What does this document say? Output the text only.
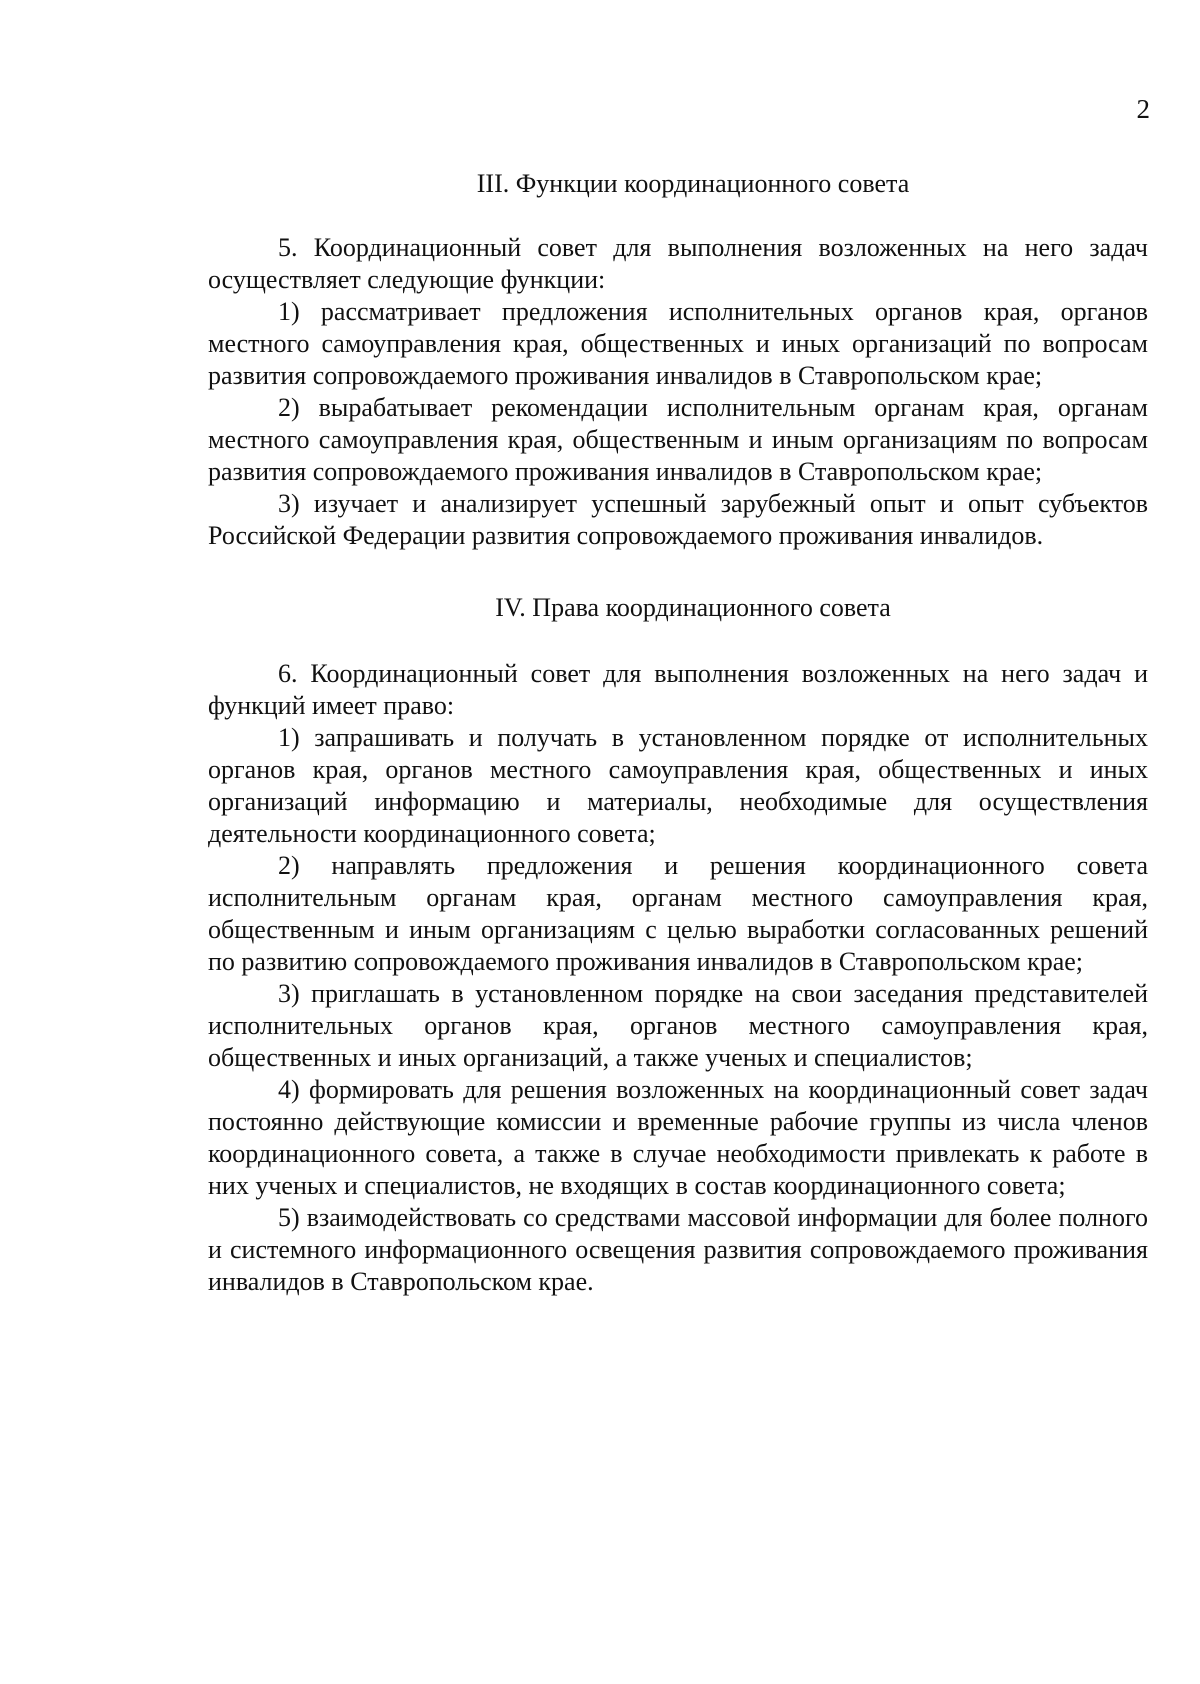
2
III. Функции координационного совета

5. Координационный совет для выполнения возложенных на него задач осуществляет следующие функции:

1) рассматривает предложения исполнительных органов края, органов местного самоуправления края, общественных и иных организаций по вопросам развития сопровождаемого проживания инвалидов в Ставропольском крае;

2) вырабатывает рекомендации исполнительным органам края, органам местного самоуправления края, общественным и иным организациям по вопросам развития сопровождаемого проживания инвалидов в Ставропольском крае;

3) изучает и анализирует успешный зарубежный опыт и опыт субъектов Российской Федерации развития сопровождаемого проживания инвалидов.

IV. Права координационного совета

6. Координационный совет для выполнения возложенных на него задач и функций имеет право:

1) запрашивать и получать в установленном порядке от исполнительных органов края, органов местного самоуправления края, общественных и иных организаций информацию и материалы, необходимые для осуществления деятельности координационного совета;

2) направлять предложения и решения координационного совета исполнительным органам края, органам местного самоуправления края, общественным и иным организациям с целью выработки согласованных решений по развитию сопровождаемого проживания инвалидов в Ставропольском крае;

3) приглашать в установленном порядке на свои заседания представителей исполнительных органов края, органов местного самоуправления края, общественных и иных организаций, а также ученых и специалистов;

4) формировать для решения возложенных на координационный совет задач постоянно действующие комиссии и временные рабочие группы из числа членов координационного совета, а также в случае необходимости привлекать к работе в них ученых и специалистов, не входящих в состав координационного совета;

5) взаимодействовать со средствами массовой информации для более полного и системного информационного освещения развития сопровождаемого проживания инвалидов в Ставропольском крае.
